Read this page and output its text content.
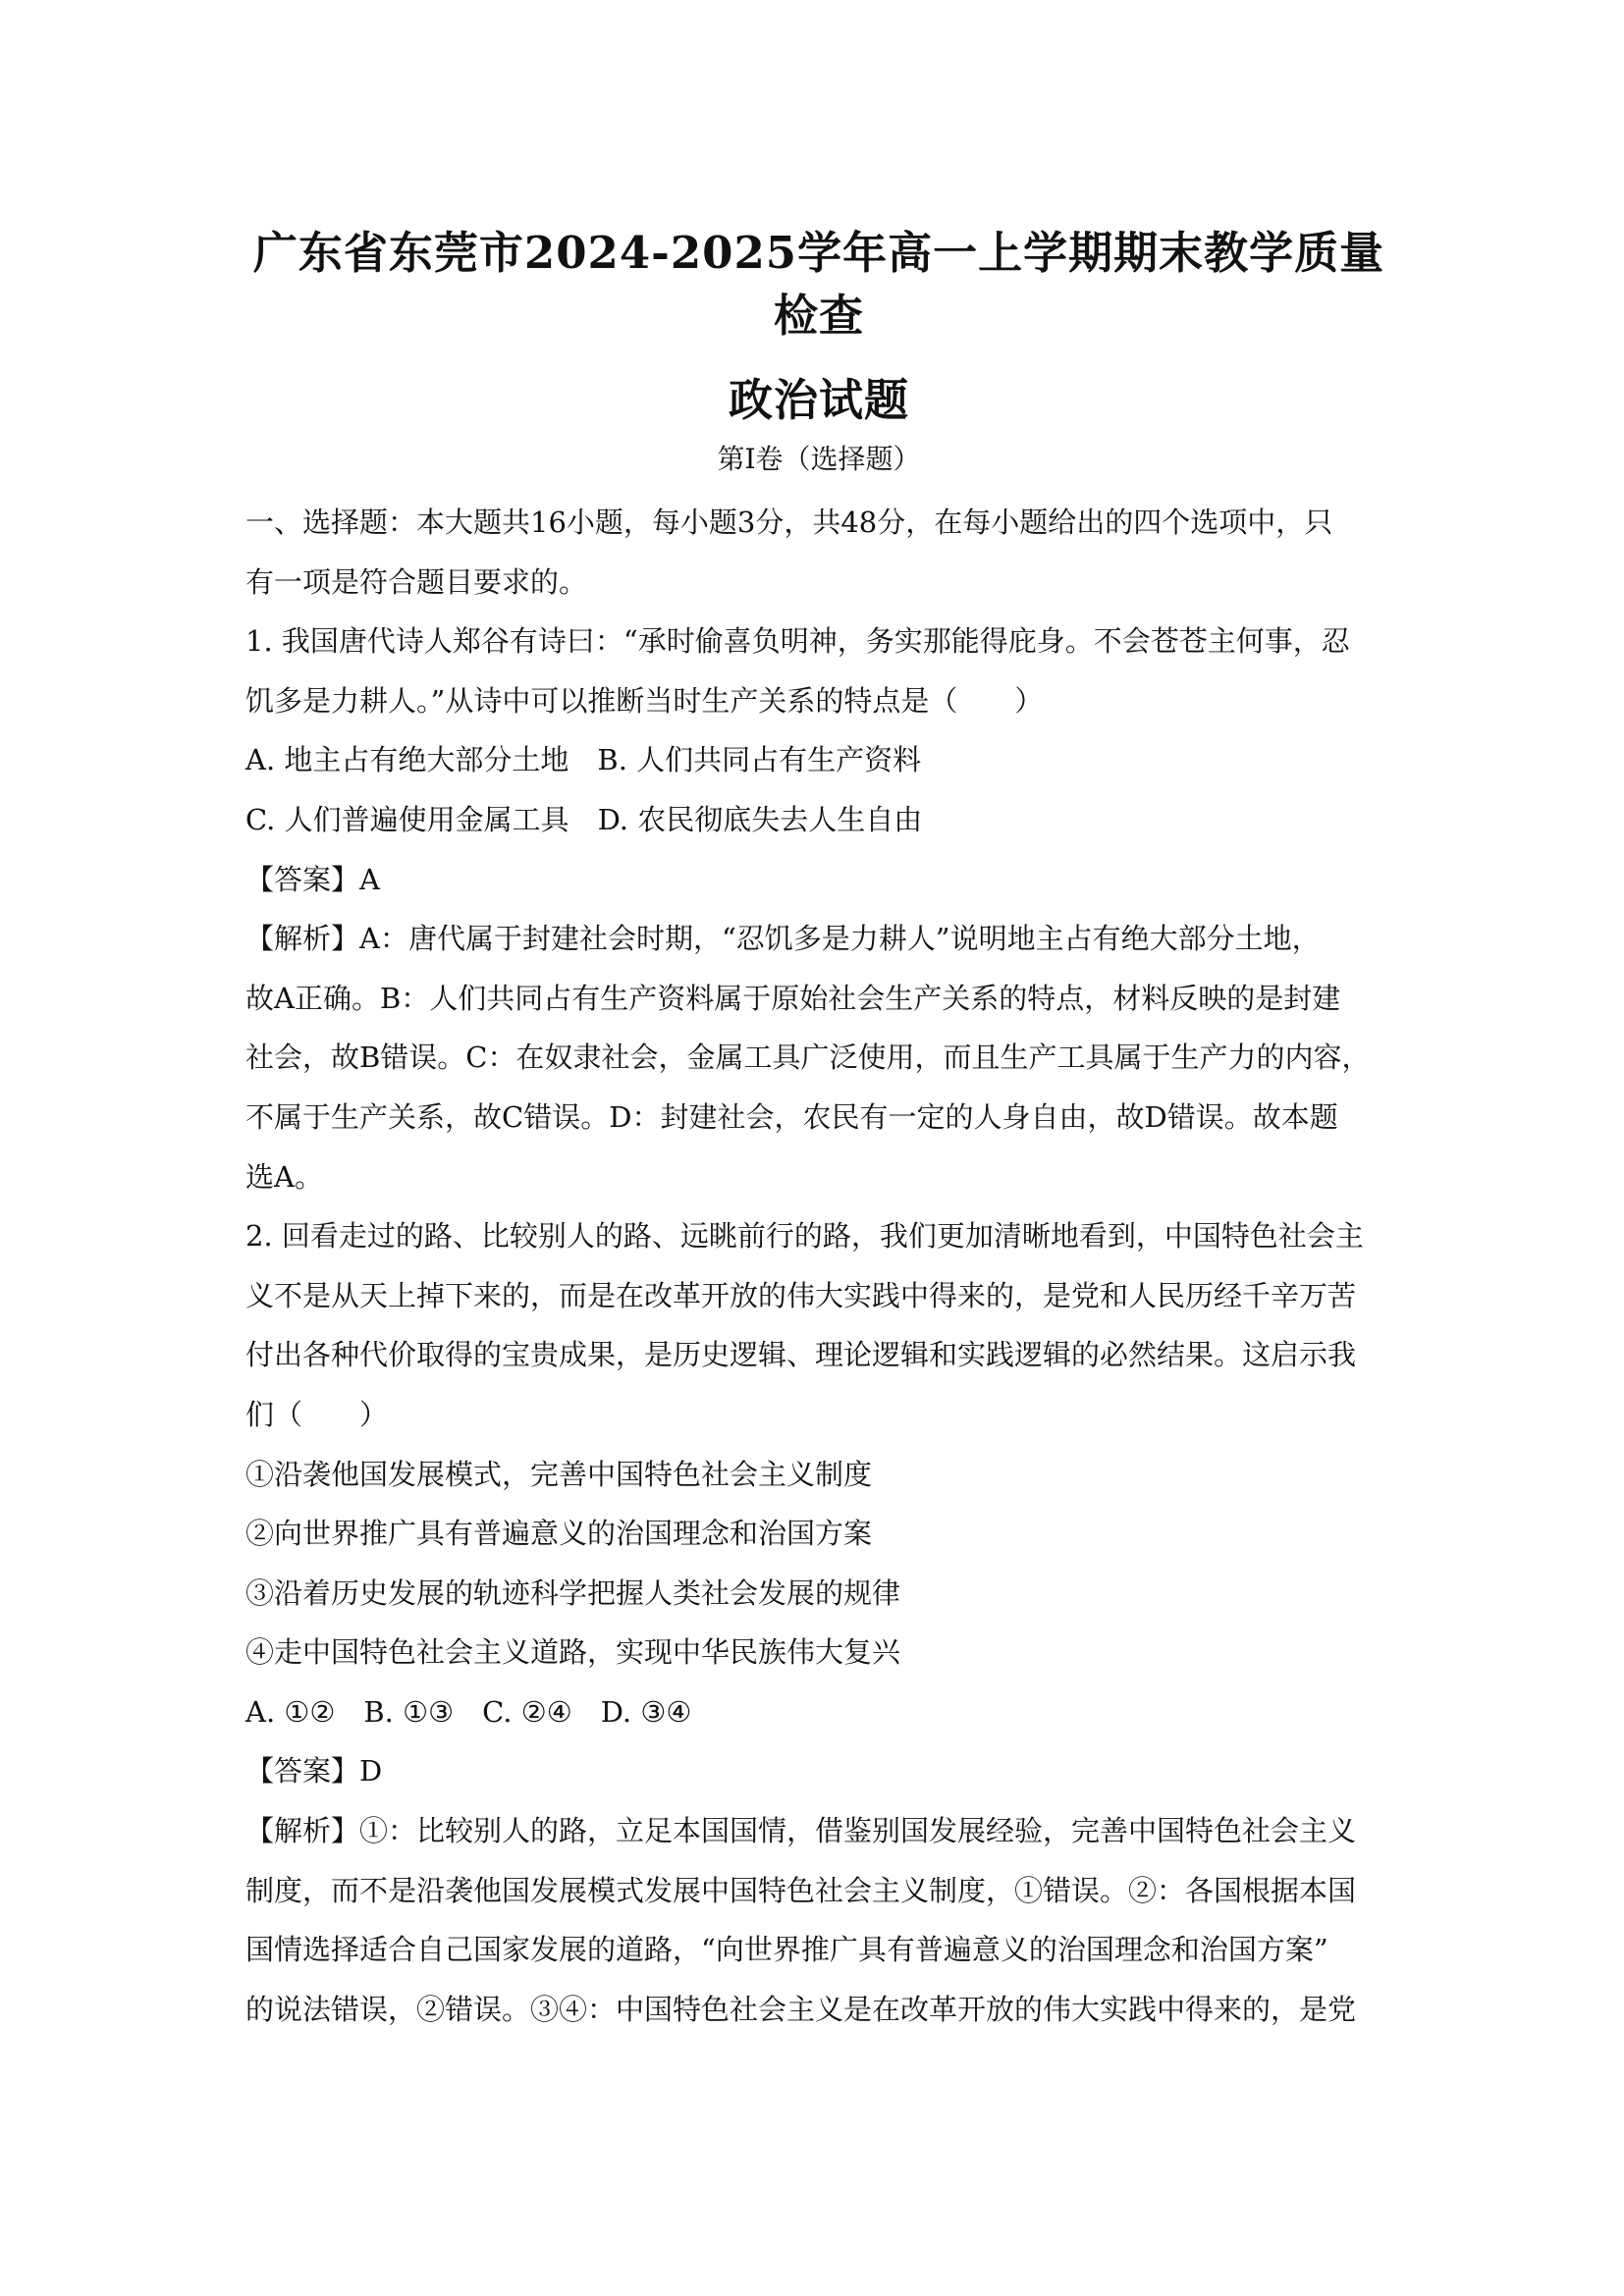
广东省东莞市2024-2025学年高一上学期期末教学质量检查
政治试题

第Ⅰ卷（选择题）

一、选择题：本大题共16小题，每小题3分，共48分，在每小题给出的四个选项中，只

有一项是符合题目要求的。

1. 我国唐代诗人郑谷有诗曰：“承时偷喜负明神，务实那能得庇身。不会苍苍主何事，忍

饥多是力耕人。”从诗中可以推断当时生产关系的特点是（　　）

A. 地主占有绝大部分土地　B. 人们共同占有生产资料

C. 人们普遍使用金属工具　D. 农民彻底失去人生自由

【答案】A

【解析】A：唐代属于封建社会时期，“忍饥多是力耕人”说明地主占有绝大部分土地，

故A正确。B：人们共同占有生产资料属于原始社会生产关系的特点，材料反映的是封建

社会，故B错误。C：在奴隶社会，金属工具广泛使用，而且生产工具属于生产力的内容，

不属于生产关系，故C错误。D：封建社会，农民有一定的人身自由，故D错误。故本题

选A。

2. 回看走过的路、比较别人的路、远眺前行的路，我们更加清晰地看到，中国特色社会主

义不是从天上掉下来的，而是在改革开放的伟大实践中得来的，是党和人民历经千辛万苦

付出各种代价取得的宝贵成果，是历史逻辑、理论逻辑和实践逻辑的必然结果。这启示我

们（　　）

①沿袭他国发展模式，完善中国特色社会主义制度

②向世界推广具有普遍意义的治国理念和治国方案

③沿着历史发展的轨迹科学把握人类社会发展的规律

④走中国特色社会主义道路，实现中华民族伟大复兴

A. ①②　B. ①③　C. ②④　D. ③④

【答案】D

【解析】①：比较别人的路，立足本国国情，借鉴别国发展经验，完善中国特色社会主义

制度，而不是沿袭他国发展模式发展中国特色社会主义制度，①错误。②：各国根据本国

国情选择适合自己国家发展的道路，“向世界推广具有普遍意义的治国理念和治国方案”

的说法错误，②错误。③④：中国特色社会主义是在改革开放的伟大实践中得来的，是党
